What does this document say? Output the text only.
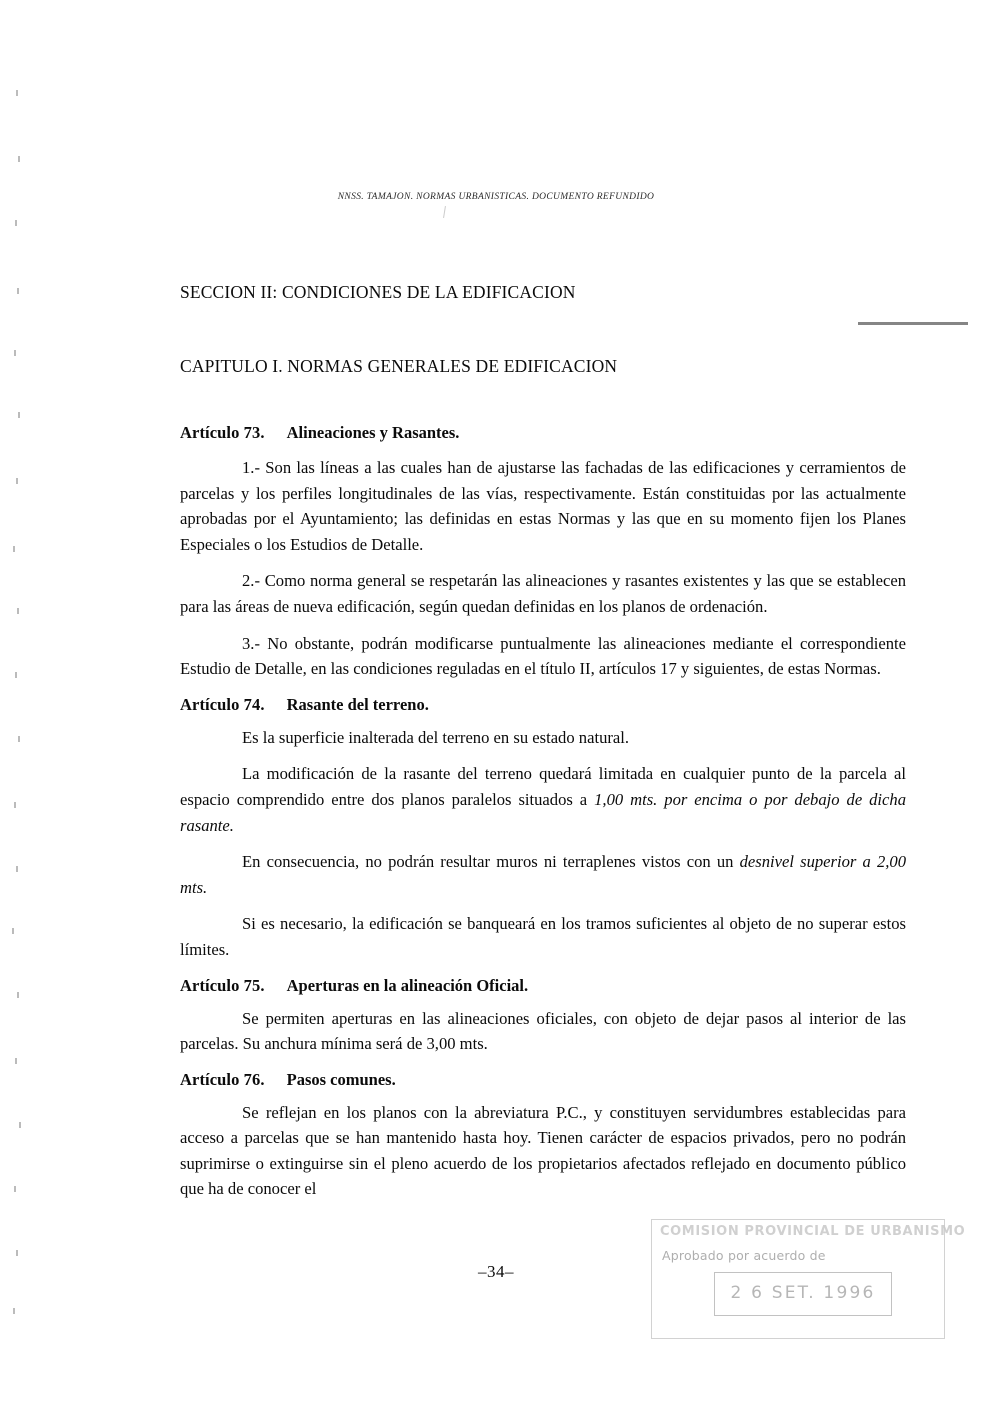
NNSS. TAMAJON. NORMAS URBANISTICAS. DOCUMENTO REFUNDIDO
SECCION II: CONDICIONES DE LA EDIFICACION
CAPITULO I. NORMAS GENERALES DE EDIFICACION
Artículo 73. Alineaciones y Rasantes.

1.- Son las líneas a las cuales han de ajustarse las fachadas de las edificaciones y cerramientos de parcelas y los perfiles longitudinales de las vías, respectivamente. Están constituidas por las actualmente aprobadas por el Ayuntamiento; las definidas en estas Normas y las que en su momento fijen los Planes Especiales o los Estudios de Detalle.

2.- Como norma general se respetarán las alineaciones y rasantes existentes y las que se establecen para las áreas de nueva edificación, según quedan definidas en los planos de ordenación.

3.- No obstante, podrán modificarse puntualmente las alineaciones mediante el correspondiente Estudio de Detalle, en las condiciones reguladas en el título II, artículos 17 y siguientes, de estas Normas.

Artículo 74. Rasante del terreno.

Es la superficie inalterada del terreno en su estado natural.

La modificación de la rasante del terreno quedará limitada en cualquier punto de la parcela al espacio comprendido entre dos planos paralelos situados a 1,00 mts. por encima o por debajo de dicha rasante.

En consecuencia, no podrán resultar muros ni terraplenes vistos con un desnivel superior a 2,00 mts.

Si es necesario, la edificación se banqueará en los tramos suficientes al objeto de no superar estos límites.

Artículo 75. Aperturas en la alineación Oficial.

Se permiten aperturas en las alineaciones oficiales, con objeto de dejar pasos al interior de las parcelas. Su anchura mínima será de 3,00 mts.

Artículo 76. Pasos comunes.

Se reflejan en los planos con la abreviatura P.C., y constituyen servidumbres establecidas para acceso a parcelas que se han mantenido hasta hoy. Tienen carácter de espacios privados, pero no podrán suprimirse o extinguirse sin el pleno acuerdo de los propietarios afectados reflejado en documento público que ha de conocer el

–34–
COMISION PROVINCIAL DE URBANISMO
Aprobado por acuerdo de
2 6 SET. 1996
